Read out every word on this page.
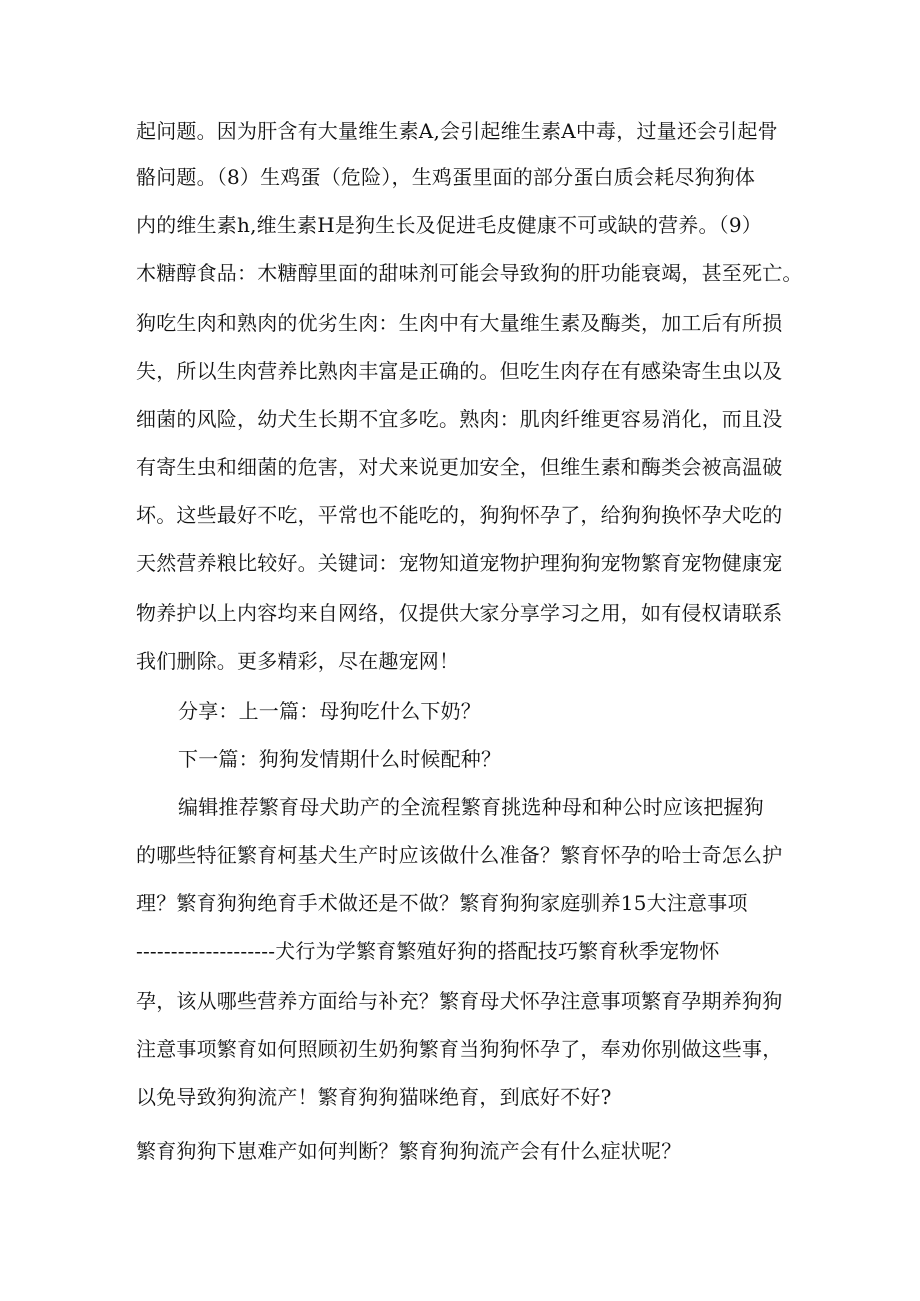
起问题。因为肝含有大量维生素A,会引起维生素A中毒，过量还会引起骨
骼问题。（8）生鸡蛋（危险），生鸡蛋里面的部分蛋白质会耗尽狗狗体
内的维生素h,维生素H是狗生长及促进毛皮健康不可或缺的营养。（9）
木糖醇食品：木糖醇里面的甜味剂可能会导致狗的肝功能衰竭，甚至死亡。
狗吃生肉和熟肉的优劣生肉：生肉中有大量维生素及酶类，加工后有所损
失，所以生肉营养比熟肉丰富是正确的。但吃生肉存在有感染寄生虫以及
细菌的风险，幼犬生长期不宜多吃。熟肉：肌肉纤维更容易消化，而且没
有寄生虫和细菌的危害，对犬来说更加安全，但维生素和酶类会被高温破
坏。这些最好不吃，平常也不能吃的，狗狗怀孕了，给狗狗换怀孕犬吃的
天然营养粮比较好。关键词：宠物知道宠物护理狗狗宠物繁育宠物健康宠
物养护以上内容均来自网络，仅提供大家分享学习之用，如有侵权请联系
我们删除。更多精彩，尽在趣宠网！
分享：上一篇：母狗吃什么下奶？
下一篇：狗狗发情期什么时候配种？
编辑推荐繁育母犬助产的全流程繁育挑选种母和种公时应该把握狗
的哪些特征繁育柯基犬生产时应该做什么准备？繁育怀孕的哈士奇怎么护
理？繁育狗狗绝育手术做还是不做？繁育狗狗家庭驯养15大注意事项
--------------------犬行为学繁育繁殖好狗的搭配技巧繁育秋季宠物怀
孕，该从哪些营养方面给与补充？繁育母犬怀孕注意事项繁育孕期养狗狗
注意事项繁育如何照顾初生奶狗繁育当狗狗怀孕了，奉劝你别做这些事，
以免导致狗狗流产！繁育狗狗猫咪绝育，到底好不好?
繁育狗狗下崽难产如何判断？繁育狗狗流产会有什么症状呢？
